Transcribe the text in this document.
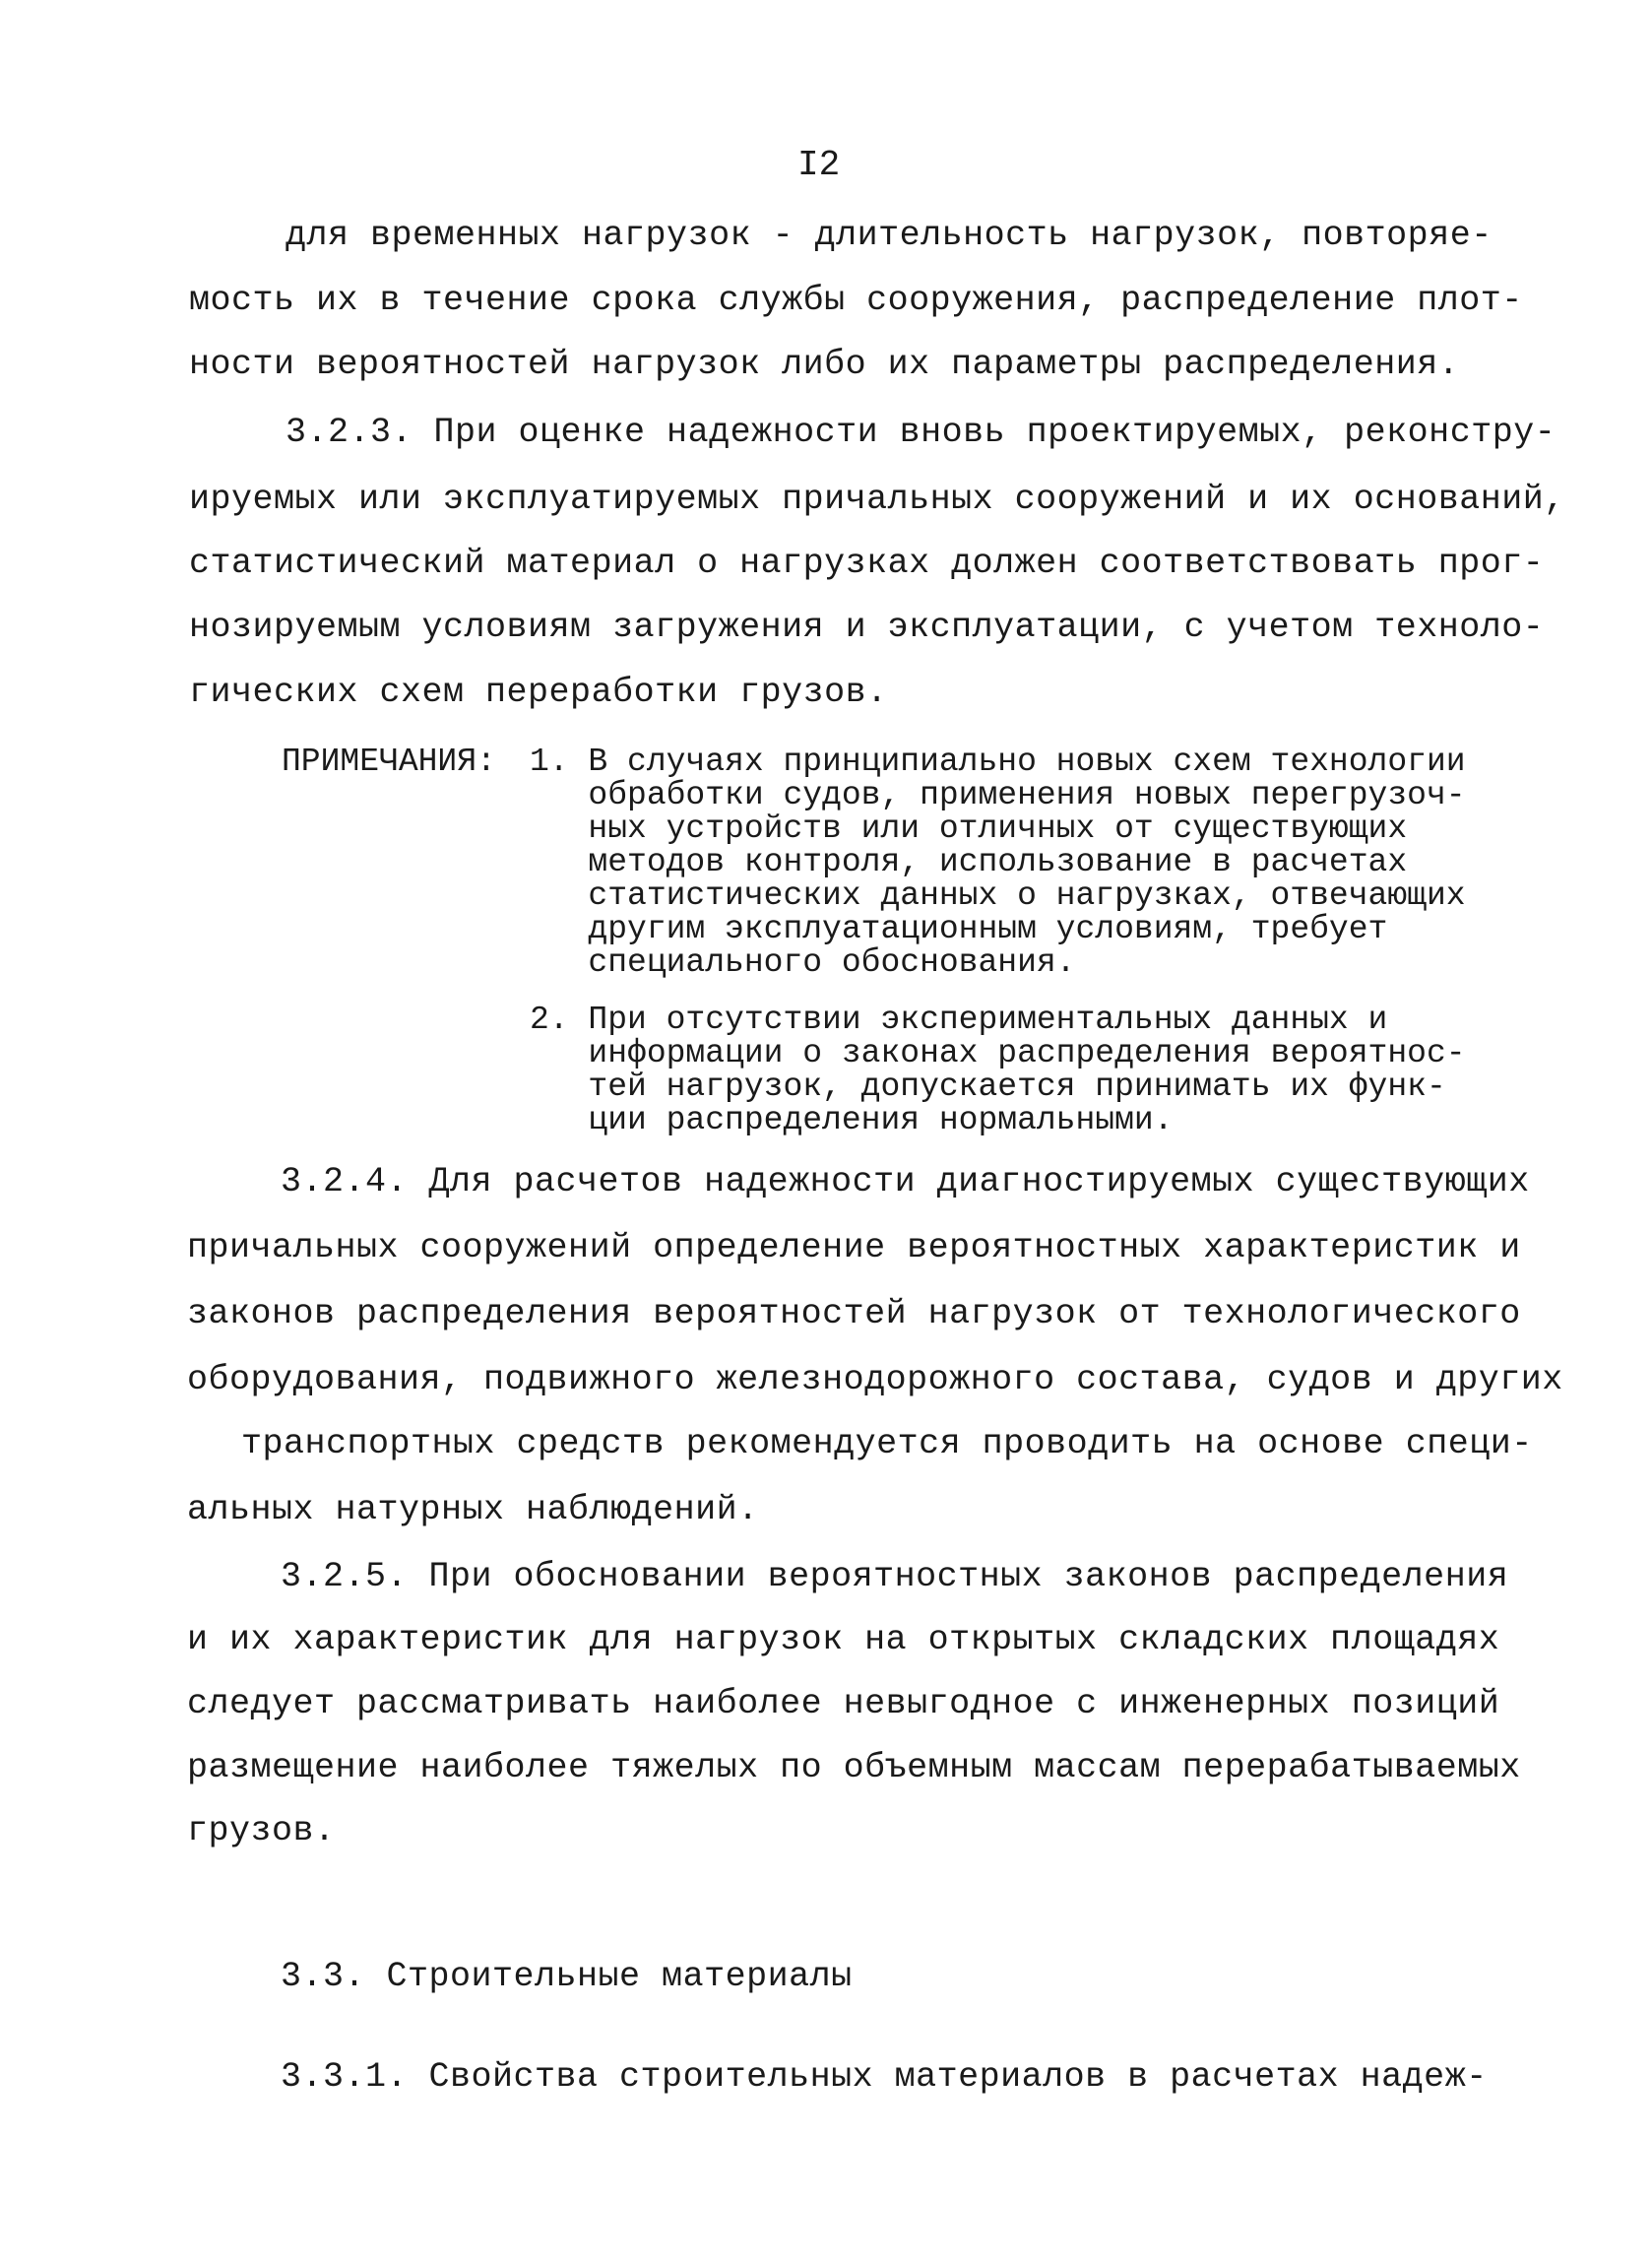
I2
для временных нагрузок - длительность нагрузок, повторяе-
мость их в течение срока службы сооружения, распределение плот-
ности вероятностей нагрузок либо их параметры распределения.
3.2.3. При оценке надежности вновь проектируемых, реконстру-
ируемых или эксплуатируемых причальных сооружений и их оснований,
статистический материал о нагрузках должен соответствовать прог-
нозируемым условиям загружения и эксплуатации, с учетом техноло-
гических схем переработки грузов.
ПРИМЕЧАНИЯ: 1. В случаях принципиально новых схем технологии
обработки судов, применения новых перегрузоч-
ных устройств или отличных от существующих
методов контроля, использование в расчетах
статистических данных о нагрузках, отвечающих
другим эксплуатационным условиям, требует
специального обоснования.
2. При отсутствии экспериментальных данных и
информации о законах распределения вероятнос-
тей нагрузок, допускается принимать их функ-
ции распределения нормальными.
3.2.4. Для расчетов надежности диагностируемых существующих
причальных сооружений определение вероятностных характеристик и
законов распределения вероятностей нагрузок от технологического
оборудования, подвижного железнодорожного состава, судов и других
транспортных средств рекомендуется проводить на основе специ-
альных натурных наблюдений.
3.2.5. При обосновании вероятностных законов распределения
и их характеристик для нагрузок на открытых складских площадях
следует рассматривать наиболее невыгодное с инженерных позиций
размещение наиболее тяжелых по объемным массам перерабатываемых
грузов.
3.3. Строительные материалы
3.3.1. Свойства строительных материалов в расчетах надеж-
